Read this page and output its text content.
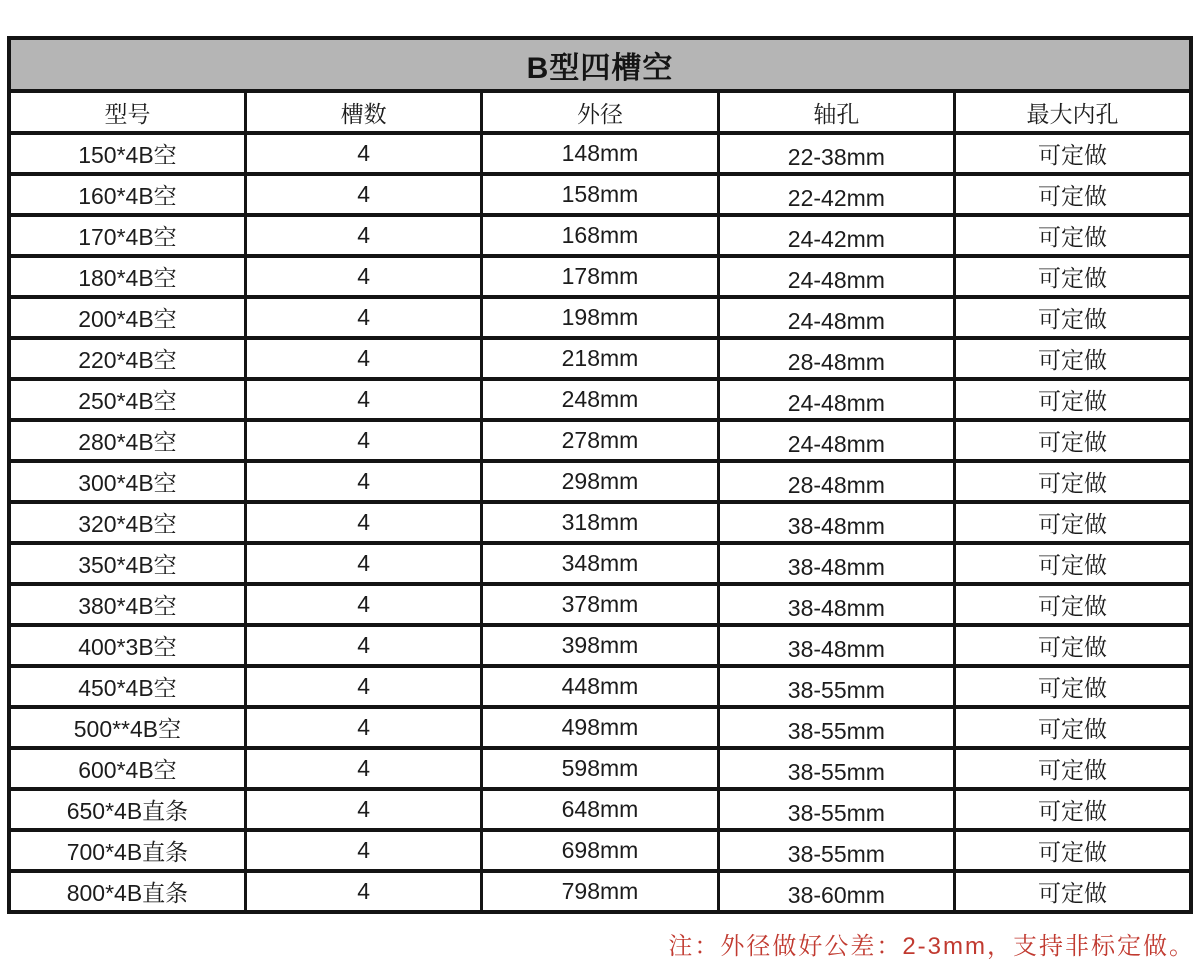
B型四槽空				
型号	槽数	外径	轴孔	最大内孔
150*4B空	4	148mm	22-38mm	可定做
160*4B空	4	158mm	22-42mm	可定做
170*4B空	4	168mm	24-42mm	可定做
180*4B空	4	178mm	24-48mm	可定做
200*4B空	4	198mm	24-48mm	可定做
220*4B空	4	218mm	28-48mm	可定做
250*4B空	4	248mm	24-48mm	可定做
280*4B空	4	278mm	24-48mm	可定做
300*4B空	4	298mm	28-48mm	可定做
320*4B空	4	318mm	38-48mm	可定做
350*4B空	4	348mm	38-48mm	可定做
380*4B空	4	378mm	38-48mm	可定做
400*3B空	4	398mm	38-48mm	可定做
450*4B空	4	448mm	38-55mm	可定做
500**4B空	4	498mm	38-55mm	可定做
600*4B空	4	598mm	38-55mm	可定做
650*4B直条	4	648mm	38-55mm	可定做
700*4B直条	4	698mm	38-55mm	可定做
800*4B直条	4	798mm	38-60mm	可定做
注：外径做好公差：2-3mm，支持非标定做。
